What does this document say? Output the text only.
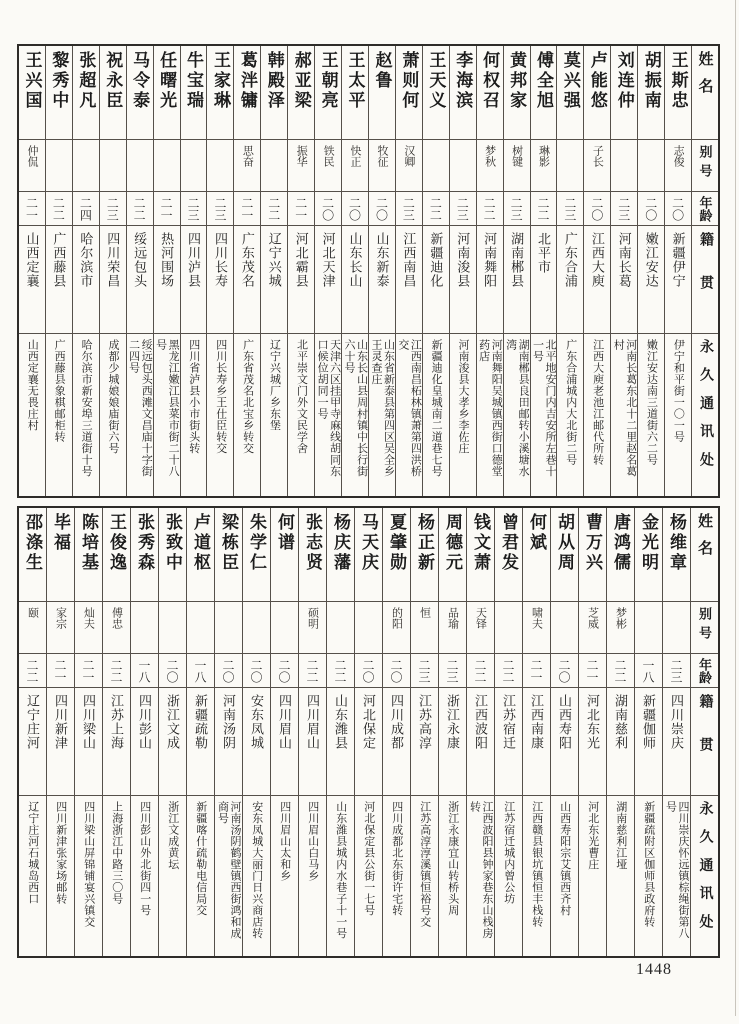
姓名
别号
年龄
籍贯
永久通讯处
王斯忠
志俊
二〇
新疆伊宁
伊宁和平街一〇一号
胡振南
二〇
嫩江安达
嫩江安达南三道街六二号
刘连仲
二三
河南长葛
河南长葛东北十二里赵名葛村
卢能悠
子长
二〇
江西大庾
江西大庾老池江邮代所转
莫兴强
二三
广东合浦
广东合浦城内大北街二号
傅全旭
琳影
二二
北平市
北平地安门内吉安所左巷十一号
黄邦家
树键
二三
湖南郴县
湖南郴县良田邮转小溪塘水湾
何权召
梦秋
二二
河南舞阳
河南舞阳吴城镇西街口德堂药店
李海滨
二三
河南浚县
河南浚县大孝乡李佐庄
王天义
二二
新疆迪化
新疆迪化皇城南二道巷七号
萧则何
汉卿
二三
江西南昌
江西南昌柘林镇萧第四洪桥交
赵鲁
牧征
二〇
山东新泰
山东省新泰县第四区吴全乡王灵查庄
王太平
快正
二〇
山东长山
山东长山县周村镇中长行街六十号
王朝亮
铁民
二〇
河北天津
天津六区挂甲寺麻线胡同东口候位胡同一号
郝亚梁
振华
二一
河北霸县
北平崇文门外文民学舍
韩殿泽
二二
辽宁兴城
辽宁兴城厂乡东堡
葛泮镛
思奋
二一
广东茂名
广东省茂名北宝乡转交
王家琳
二三
四川长寿
四川长寿乡王仕臣转交
牛宝瑞
二三
四川泸县
四川省泸县小市街头转
任曙光
二一
热河围场
黑龙江嫩江县菜市街二十八号
马令泰
二二
绥远包头
绥远包头西滩文昌庙十字街二四号
祝永臣
二三
四川荣昌
成都少城娘娘庙街六号
张超凡
二四
哈尔滨市
哈尔滨市新安埠三道街十号
黎秀中
二二
广西藤县
广西藤县象棋邮柜转
王兴国
仲侃
二一
山西定襄
山西定襄无畏庄村
姓名
别号
年龄
籍贯
永久通讯处
杨维章
二三
四川崇庆
四川崇庆怀远镇棕绳街第八号
金光明
一八
新疆伽师
新疆疏附区伽师县政府转
唐鸿儒
梦彬
二二
湖南慈利
湖南慈利江垭
曹万兴
芝威
二一
河北东光
河北东光曹庄
胡从周
二〇
山西寿阳
山西寿阳宗艾镇西齐村
何斌
啸夫
二一
江西南康
江西赣县银坑镇恒丰栈转
曾君发
二二
江苏宿迁
江苏宿迁城内曾公坊
钱文萧
天铎
二二
江西波阳
江西波阳县钟家巷东山栈房转
周德元
品瑜
二三
浙江永康
浙江永康宜山转桥头周
杨正新
恒
二三
江苏高淳
江苏高淳淳溪镇恒裕号交
夏肇勋
的阳
二〇
四川成都
四川成都北东街许宅转
马天庆
二〇
河北保定
河北保定县公街一七号
杨庆藩
二二
山东潍县
山东潍县城内水巷子十一号
张志贤
硕明
二二
四川眉山
四川眉山白马乡
何谱
二〇
四川眉山
四川眉山太和乡
朱学仁
二〇
安东凤城
安东凤城大丽门日兴商店转
梁栋臣
二〇
河南汤阴
河南汤阴鹤壁镇西街鸿和成商号
卢道枢
一八
新疆疏勒
新疆喀什疏勒电信局交
张致中
二〇
浙江文成
浙江文成黄坛
张秀森
一八
四川彭山
四川彭山外北街四一号
王俊逸
傅忠
二二
江苏上海
上海浙江中路三〇号
陈培基
灿夫
二一
四川梁山
四川梁山屏锦铺宴兴镇交
毕福
家宗
二一
四川新津
四川新津张家场邮转
邵涤生
颐
二二
辽宁庄河
辽宁庄河石城岛西口
1448
